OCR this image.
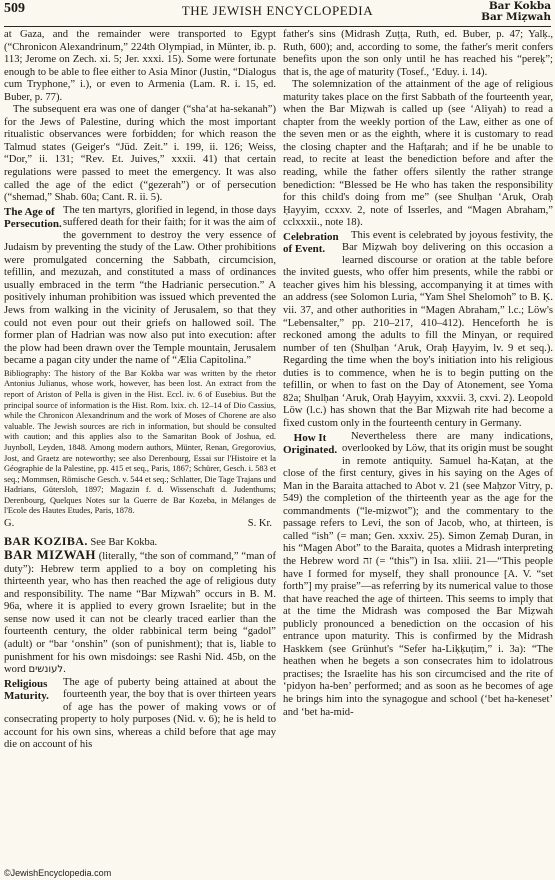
509	THE JEWISH ENCYCLOPEDIA	Bar Kokba
Bar Miẓwah

at Gaza, and the remainder were transported to Egypt (“Chronicon Alexandrinum,” 224th Olympiad, in Münter, ib. p. 113; Jerome on Zech. xi. 5; Jer. xxxi. 15). Some were fortunate enough to be able to flee either to Asia Minor (Justin, “Dialogus cum Tryphone,” i.), or even to Armenia (Lam. R. i. 15, ed. Buber, p. 77).

The subsequent era was one of danger (“sha‘at ha-sekanah”) for the Jews of Palestine, during which the most important ritualistic observances were forbidden; for which reason the Talmud states (Geiger's “Jüd. Zeit.” i. 199, ii. 126; Weiss, “Dor,” ii. 131; “Rev. Et. Juives,” xxxii. 41) that certain regulations were passed to meet the emergency. It was also called the age of the edict (“gezerah”) or of persecution (“shemad,” Shab. 60a; Cant. R. ii. 5).

The Age of Persecution.

The ten martyrs, glorified in legend, in those days suffered death for their faith; for it was the aim of the government to destroy the very essence of Judaism by preventing the study of the Law. Other prohibitions were promulgated concerning the Sabbath, circumcision, tefillin, and mezuzah, and constituted a mass of ordinances usually embraced in the term “the Hadrianic persecution.” A positively inhuman prohibition was issued which prevented the Jews from walking in the vicinity of Jerusalem, so that they could not even pour out their griefs on hallowed soil. The former plan of Hadrian was now also put into execution: after the plow had been drawn over the Temple mountain, Jerusalem became a pagan city under the name of “Ælia Capitolina.”

Bibliography: The history of the Bar Kokba war was written by the rhetor Antonius Julianus, whose work, however, has been lost. An extract from the report of Ariston of Pella is given in the Hist. Eccl. iv. 6 of Eusebius. But the principal source of information is the Hist. Rom. lxix. ch. 12–14 of Dio Cassius, while the Chronicon Alexandrinum and the work of Moses of Chorene are also valuable. The Jewish sources are rich in information, but should be consulted with caution; and this applies also to the Samaritan Book of Joshua, ed. Juynboll, Leyden, 1848. Among modern authors, Münter, Renan, Gregorovius, Jost, and Graetz are noteworthy; see also Derenbourg, Essai sur l'Histoire et la Géographie de la Palestine, pp. 415 et seq., Paris, 1867; Schürer, Gesch. i. 583 et seq.; Mommsen, Römische Gesch. v. 544 et seq.; Schlatter, Die Tage Trajans und Hadrians, Gütersloh, 1897; Magazin f. d. Wissenschaft d. Judenthums; Derenbourg, Quelques Notes sur la Guerre de Bar Kozeba, in Mélanges de l'Ecole des Hautes Etudes, Paris, 1878.

G.	S. Kr.

BAR KOZIBA. See Bar Kokba.

BAR MIZWAH (literally, “the son of command,” “man of duty”): Hebrew term applied to a boy on completing his thirteenth year, who has then reached the age of religious duty and responsibility. The name “Bar Miẓwah” occurs in B. M. 96a, where it is applied to every grown Israelite; but in the sense now used it can not be clearly traced earlier than the fourteenth century, the older rabbinical term being “gadol” (adult) or “bar ‘onshin” (son of punishment); that is, liable to punishment for his own misdoings: see Rashi Nid. 45b, on the word לעונשים.

Religious Maturity.

The age of puberty being attained at about the fourteenth year, the boy that is over thirteen years of age has the power of making vows or of consecrating property to holy purposes (Nid. v. 6); he is held to account for his own sins, whereas a child before that age may die on account of his

father's sins (Midrash Zuṭṭa, Ruth, ed. Buber, p. 47; Yalḳ., Ruth, 600); and, according to some, the father's merit confers benefits upon the son only until he has reached his “pereḳ”; that is, the age of maturity (Tosef., ‘Eduy. i. 14).

The solemnization of the attainment of the age of religious maturity takes place on the first Sabbath of the fourteenth year, when the Bar Miẓwah is called up (see ‘Aliyah) to read a chapter from the weekly portion of the Law, either as one of the seven men or as the eighth, where it is customary to read the closing chapter and the Hafṭarah; and if he be unable to read, to recite at least the benediction before and after the reading, while the father offers silently the rather strange benediction: “Blessed be He who has taken the responsibility for this child's doing from me” (see Shulḥan ‘Aruk, Oraḥ Ḥayyim, ccxxv. 2, note of Isserles, and “Magen Abraham,” cclxxxii., note 18).

Celebration of Event.

This event is celebrated by joyous festivity, the Bar Miẓwah boy delivering on this occasion a learned discourse or oration at the table before the invited guests, who offer him presents, while the rabbi or teacher gives him his blessing, accompanying it at times with an address (see Solomon Luria, “Yam Shel Shelomoh” to B. Ḳ. vii. 37, and other authorities in “Magen Abraham,” l.c.; Löw's “Lebensalter,” pp. 210–217, 410–412). Henceforth he is reckoned among the adults to fill the Minyan, or required number of ten (Shulḥan ‘Aruk, Oraḥ Ḥayyim, lv. 9 et seq.). Regarding the time when the boy's initiation into his religious duties is to commence, when he is to begin putting on the tefillin, or when to fast on the Day of Atonement, see Yoma 82a; Shulḥan ‘Aruk, Oraḥ Ḥayyim, xxxvii. 3, cxvi. 2). Leopold Löw (l.c.) has shown that the Bar Miẓwah rite had become a fixed custom only in the fourteenth century in Germany.

How It Originated.

Nevertheless there are many indications, overlooked by Löw, that its origin must be sought in remote antiquity. Samuel ha-Kaṭan, at the close of the first century, gives in his saying on the Ages of Man in the Baraita attached to Abot v. 21 (see Maḥzor Vitry, p. 549) the completion of the thirteenth year as the age for the commandments (“le-miẓwot”); and the commentary to the passage refers to Levi, the son of Jacob, who, at thirteen, is called “ish” (= man; Gen. xxxiv. 25). Simon Ẓemaḥ Duran, in his “Magen Abot” to the Baraita, quotes a Midrash interpreting the Hebrew word זה (= “this”) in Isa. xliii. 21—“This people have I formed for myself, they shall pronounce [A. V. “set forth”] my praise”—as referring by its numerical value to those that have reached the age of thirteen. This seems to imply that at the time the Midrash was composed the Bar Miẓwah publicly pronounced a benediction on the occasion of his entrance upon maturity. This is confirmed by the Midrash Haskkem (see Grünhut's “Sefer ha-Liḳḳuṭim,” i. 3a): “The heathen when he begets a son consecrates him to idolatrous practises; the Israelite has his son circumcised and the rite of ‘pidyon ha-ben’ performed; and as soon as he becomes of age he brings him into the synagogue and school (‘bet ha-keneset’ and ‘bet ha-mid-

©JewishEncyclopedia.com
